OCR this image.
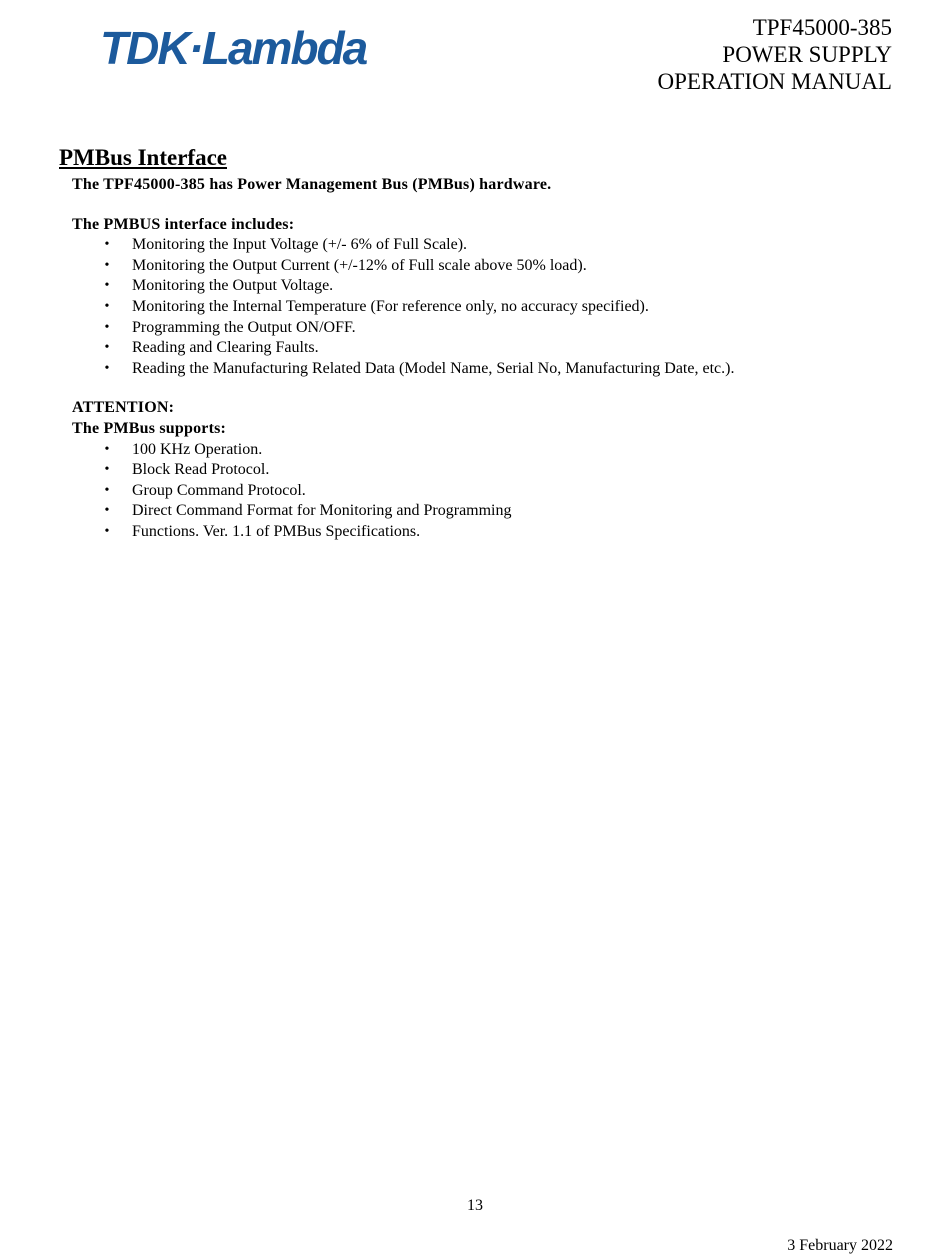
TDK·Lambda	TPF45000-385
POWER SUPPLY
OPERATION MANUAL
PMBus Interface
The TPF45000-385 has Power Management Bus (PMBus) hardware.
The PMBUS interface includes:
• Monitoring the Input Voltage (+/- 6% of Full Scale).
• Monitoring the Output Current (+/-12% of Full scale above 50% load).
• Monitoring the Output Voltage.
• Monitoring the Internal Temperature (For reference only, no accuracy specified).
• Programming the Output ON/OFF.
• Reading and Clearing Faults.
• Reading the Manufacturing Related Data (Model Name, Serial No, Manufacturing Date, etc.).
ATTENTION:
The PMBus supports:
• 100 KHz Operation.
• Block Read Protocol.
• Group Command Protocol.
• Direct Command Format for Monitoring and Programming
• Functions. Ver. 1.1 of PMBus Specifications.
13
3 February 2022
